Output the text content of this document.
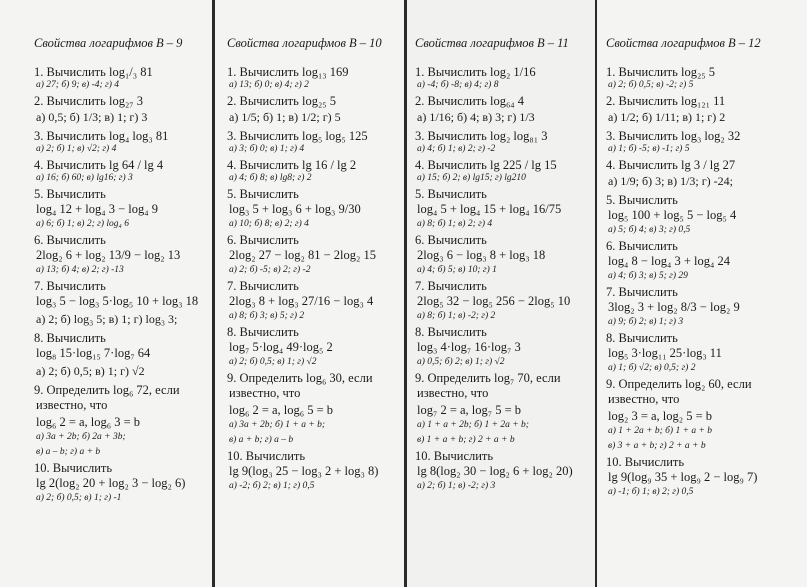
Свойства логарифмов В – 9
1. Вычислить log₁/₃ 81
а) 27; б) 9; в) -4; г) 4
2. Вычислить log₂₇ 3
а) 0,5; б) 1/3; в) 1; г) 3
3. Вычислить log₄ log₃ 81
а) 2; б) 1; в) √2; г) 4
4. Вычислить lg 64 / lg 4
а) 16; б) 60; в) lg16; г) 3
5. Вычислить
log₄ 12 + log₄ 3 − log₄ 9
а) 6; б) 1; в) 2; г) log₄ 6
6. Вычислить
2log₂ 6 + log₂ 13/9 − log₂ 13
а) 13; б) 4; в) 2; г) -13
7. Вычислить
log₃ 5 − log₃ 5·log₅ 10 + log₃ 18
а) 2; б) log₃ 5; в) 1; г) log₃ 3;
8. Вычислить
log₈ 15·log₁₅ 7·log₇ 64
а) 2; б) 0,5; в) 1; г) √2
9. Определить log₆ 72, если
известно, что
log₆ 2 = a, log₆ 3 = b
а) 3a + 2b; б) 2a + 3b;
в) a – b; г) a + b
10. Вычислить
lg 2(log₂ 20 + log₂ 3 − log₂ 6)
а) 2; б) 0,5; в) 1; г) -1
Свойства логарифмов В – 10
1. Вычислить log₁₃ 169
а) 13; б) 0; в) 4; г) 2
2. Вычислить log₂₅ 5
а) 1/5; б) 1; в) 1/2; г) 5
3. Вычислить log₅ log₅ 125
а) 3; б) 0; в) 1; г) 4
4. Вычислить lg 16 / lg 2
а) 4; б) 8; в) lg8; г) 2
5. Вычислить
log₃ 5 + log₃ 6 + log₃ 9/30
а) 10; б) 8; в) 2; г) 4
6. Вычислить
2log₂ 27 − log₂ 81 − 2log₂ 15
а) 2; б) -5; в) 2; г) -2
7. Вычислить
2log₃ 8 + log₃ 27/16 − log₃ 4
а) 8; б) 3; в) 5; г) 2
8. Вычислить
log₇ 5·log₄ 49·log₅ 2
а) 2; б) 0,5; в) 1; г) √2
9. Определить log₆ 30, если
известно, что
log₆ 2 = a, log₆ 5 = b
а) 3a + 2b; б) 1 + a + b;
в) a + b; г) a – b
10. Вычислить
lg 9(log₃ 25 − log₃ 2 + log₃ 8)
а) -2; б) 2; в) 1; г) 0,5
Свойства логарифмов В – 11
1. Вычислить log₂ 1/16
а) -4; б) -8; в) 4; г) 8
2. Вычислить log₆₄ 4
а) 1/16; б) 4; в) 3; г) 1/3
3. Вычислить log₂ log₈₁ 3
а) 4; б) 1; в) 2; г) -2
4. Вычислить lg 225 / lg 15
а) 15; б) 2; в) lg15; г) lg210
5. Вычислить
log₄ 5 + log₄ 15 + log₄ 16/75
а) 8; б) 1; в) 2; г) 4
6. Вычислить
2log₃ 6 − log₃ 8 + log₃ 18
а) 4; б) 5; в) 10; г) 1
7. Вычислить
2log₅ 32 − log₅ 256 − 2log₅ 10
а) 8; б) 1; в) -2; г) 2
8. Вычислить
log₃ 4·log₇ 16·log₇ 3
а) 0,5; б) 2; в) 1; г) √2
9. Определить log₇ 70, если
известно, что
log₇ 2 = a, log₇ 5 = b
а) 1 + a + 2b; б) 1 + 2a + b;
в) 1 + a + b; г) 2 + a + b
10. Вычислить
lg 8(log₂ 30 − log₂ 6 + log₂ 20)
а) 2; б) 1; в) -2; г) 3
Свойства логарифмов В – 12
1. Вычислить log₂₅ 5
а) 2; б) 0,5; в) -2; г) 5
2. Вычислить log₁₂₁ 11
а) 1/2; б) 1/11; в) 1; г) 2
3. Вычислить log₃ log₂ 32
а) 1; б) -5; в) -1; г) 5
4. Вычислить lg 3 / lg 27
а) 1/9; б) 3; в) 1/3; г) -24;
5. Вычислить
log₅ 100 + log₅ 5 − log₅ 4
а) 5; б) 4; в) 3; г) 0,5
6. Вычислить
log₄ 8 − log₄ 3 + log₄ 24
а) 4; б) 3; в) 5; г) 29
7. Вычислить
3log₂ 3 + log₂ 8/3 − log₂ 9
а) 9; б) 2; в) 1; г) 3
8. Вычислить
log₅ 3·log₁₁ 25·log₃ 11
а) 1; б) √2; в) 0,5; г) 2
9. Определить log₂ 60, если
известно, что
log₂ 3 = a, log₂ 5 = b
а) 1 + 2a + b; б) 1 + a + b
в) 3 + a + b; г) 2 + a + b
10. Вычислить
lg 9(log₉ 35 + log₉ 2 − log₉ 7)
а) -1; б) 1; в) 2; г) 0,5
